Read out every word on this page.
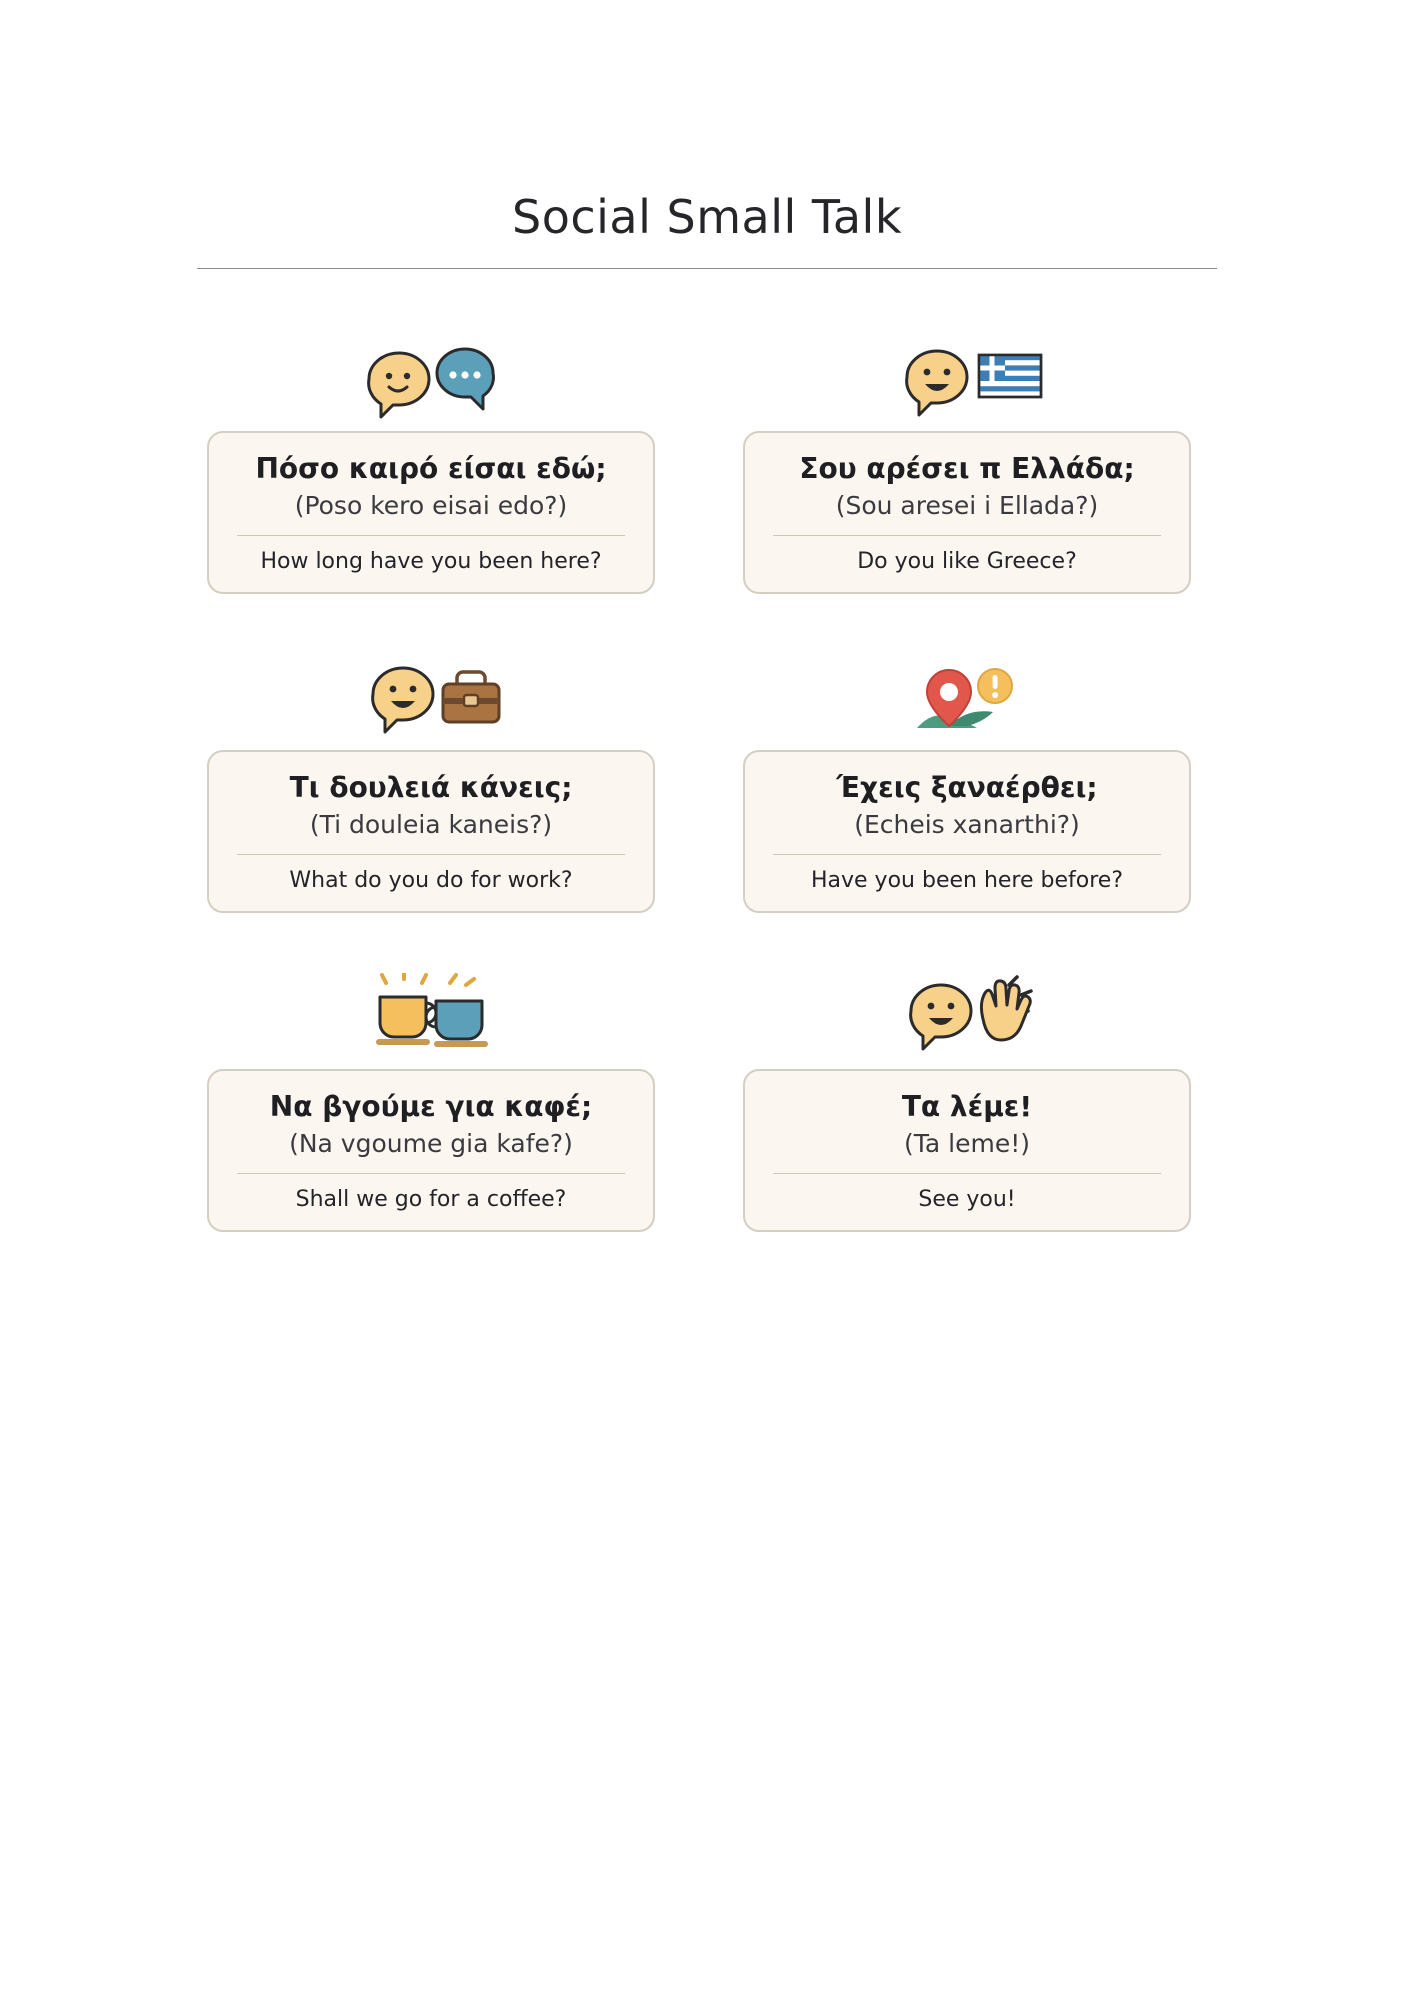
Social Small Talk
Πόσο καιρό είσαι εδώ;
(Poso kero eisai edo?)
How long have you been here?
Σου αρέσει π Ελλάδα;
(Sou aresei i Ellada?)
Do you like Greece?
Τι δουλειά κάνεις;
(Ti douleia kaneis?)
What do you do for work?
Έχεις ξαναέρθει;
(Echeis xanarthi?)
Have you been here before?
Να βγούμε για καφέ;
(Na vgoume gia kafe?)
Shall we go for a coffee?
Τα λέμε!
(Ta leme!)
See you!
